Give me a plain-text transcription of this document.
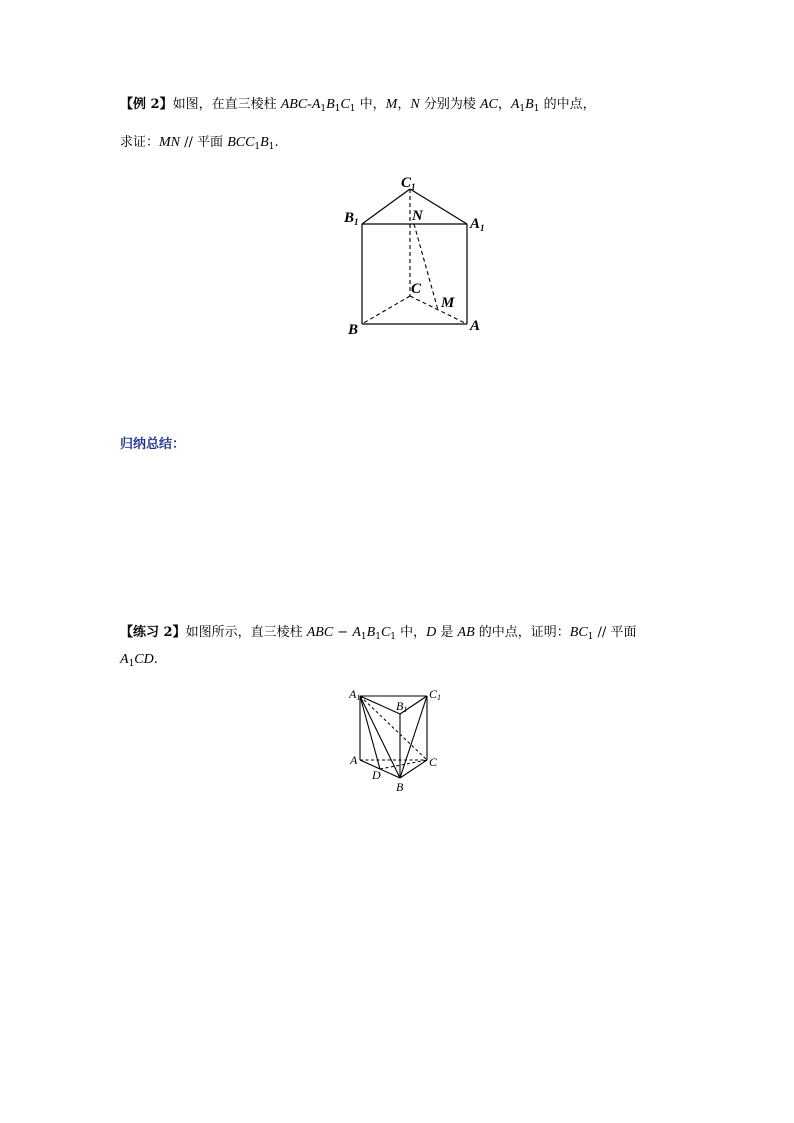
【例 2】如图，在直三棱柱 ABC-$A_1B_1C_1$ 中，M，N 分别为棱 AC，$A_1B_1$ 的中点，
求证：MN // 平面 $BCC_1B_1$.
$C_1$
$B_1$	N	$A_1$
C
M
B	A
归纳总结：
【练习 2】如图所示，直三棱柱 ABC − $A_1B_1C_1$ 中，D 是 AB 的中点，证明：$BC_1$ // 平面
$A_1CD$.
A1
B1
C1
A	C
D
B
